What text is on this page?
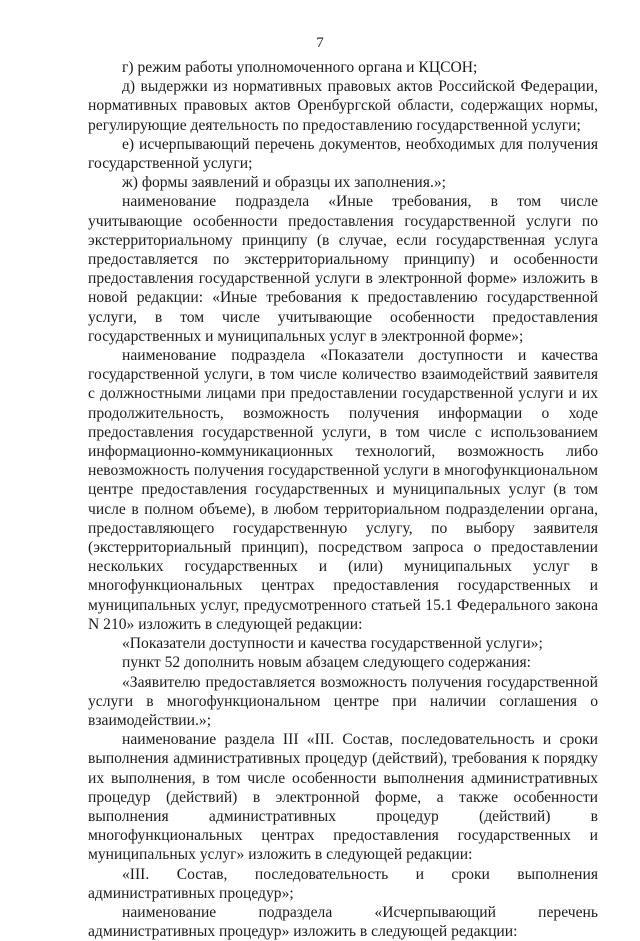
7

г) режим работы уполномоченного органа и КЦСОН;

д) выдержки из нормативных правовых актов Российской Федерации, нормативных правовых актов Оренбургской области, содержащих нормы, регулирующие деятельность по предоставлению государственной услуги;

е) исчерпывающий перечень документов, необходимых для получения государственной услуги;

ж) формы заявлений и образцы их заполнения.»;

наименование подраздела «Иные требования, в том числе учитывающие особенности предоставления государственной услуги по экстерриториальному принципу (в случае, если государственная услуга предоставляется по экстерриториальному принципу) и особенности предоставления государственной услуги в электронной форме» изложить в новой редакции: «Иные требования к предоставлению государственной услуги, в том числе учитывающие особенности предоставления государственных и муниципальных услуг в электронной форме»;

наименование подраздела «Показатели доступности и качества государственной услуги, в том числе количество взаимодействий заявителя с должностными лицами при предоставлении государственной услуги и их продолжительность, возможность получения информации о ходе предоставления государственной услуги, в том числе с использованием информационно-коммуникационных технологий, возможность либо невозможность получения государственной услуги в многофункциональном центре предоставления государственных и муниципальных услуг (в том числе в полном объеме), в любом территориальном подразделении органа, предоставляющего государственную услугу, по выбору заявителя (экстерриториальный принцип), посредством запроса о предоставлении нескольких государственных и (или) муниципальных услуг в многофункциональных центрах предоставления государственных и муниципальных услуг, предусмотренного статьей 15.1 Федерального закона N 210» изложить в следующей редакции:

«Показатели доступности и качества государственной услуги»;

пункт 52 дополнить новым абзацем следующего содержания:

«Заявителю предоставляется возможность получения государственной услуги в многофункциональном центре при наличии соглашения о взаимодействии.»;

наименование раздела III «III. Состав, последовательность и сроки выполнения административных процедур (действий), требования к порядку их выполнения, в том числе особенности выполнения административных процедур (действий) в электронной форме, а также особенности выполнения административных процедур (действий) в многофункциональных центрах предоставления государственных и муниципальных услуг» изложить в следующей редакции:

«III. Состав, последовательность и сроки выполнения административных процедур»;

наименование подраздела «Исчерпывающий перечень административных процедур» изложить в следующей редакции:
